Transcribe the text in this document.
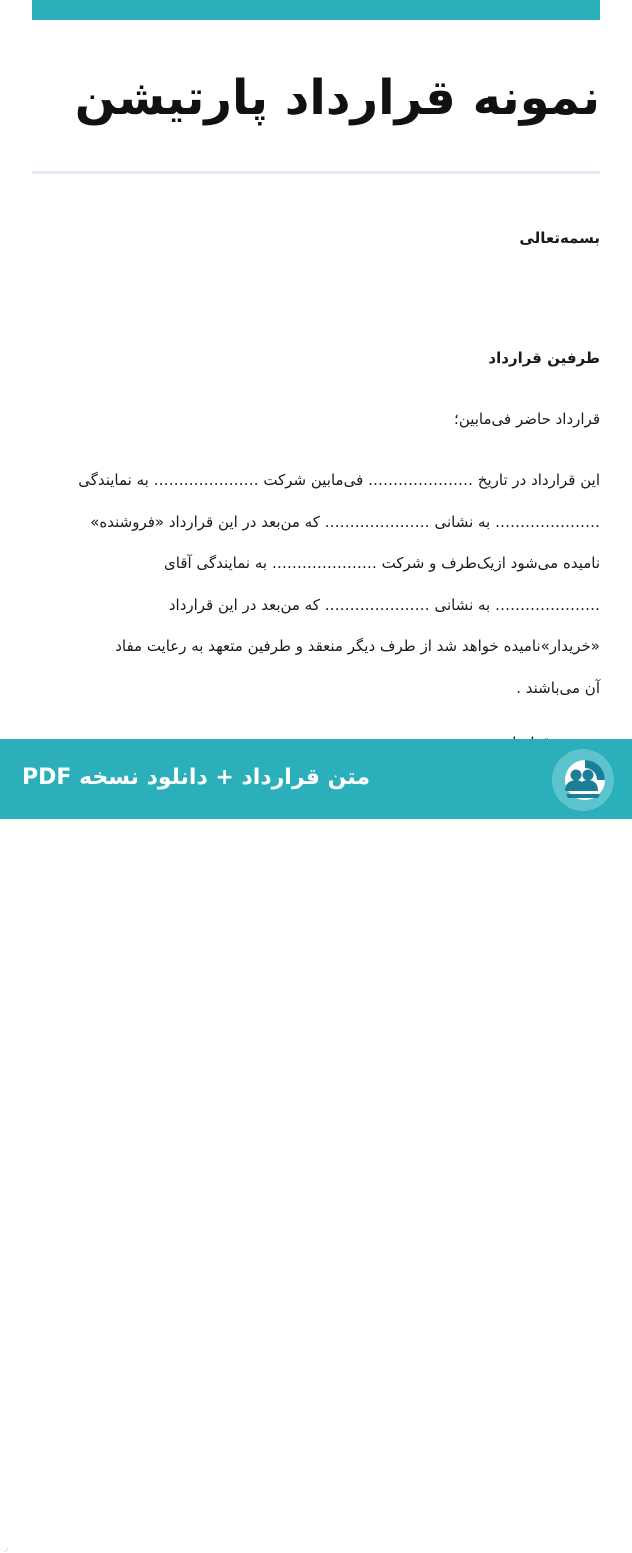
نمونه قرارداد پارتیشن
بسمه‌تعالی
طرفین قرارداد
قرارداد حاضر فی‌مابین؛
این قرارداد در تاریخ ………………… فی‌مابین شرکت ………………… به نمایندگی
………………… به نشانی ………………… که من‌بعد در این قرارداد «فروشنده»
نامیده می‌شود ازیک‌طرف و شرکت ………………… به نمایندگی آقای
………………… به نشانی ………………… که من‌بعد در این قرارداد
«خریدار»نامیده خواهد شد از طرف دیگر منعقد و طرفین متعهد به رعایت مفاد
آن می‌باشند .
متن قرارداد + دانلود نسخه PDF
ر
